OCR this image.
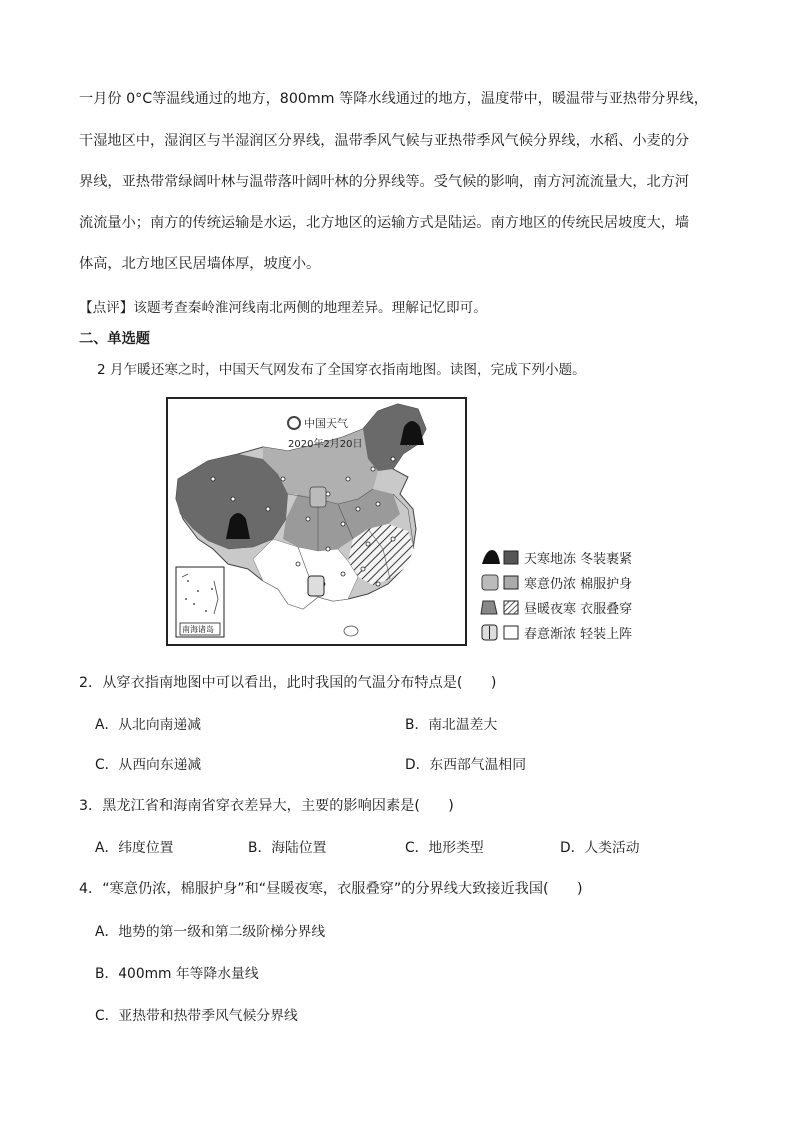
一月份 0°C等温线通过的地方，800mm 等降水线通过的地方，温度带中，暖温带与亚热带分界线，
干湿地区中，湿润区与半湿润区分界线，温带季风气候与亚热带季风气候分界线，水稻、小麦的分
界线，亚热带常绿阔叶林与温带落叶阔叶林的分界线等。受气候的影响，南方河流流量大，北方河
流流量小；南方的传统运输是水运，北方地区的运输方式是陆运。南方地区的传统民居坡度大，墙
体高，北方地区民居墙体厚，坡度小。
【点评】该题考查秦岭淮河线南北两侧的地理差异。理解记忆即可。
二、单选题
2 月乍暖还寒之时，中国天气网发布了全国穿衣指南地图。读图，完成下列小题。
中国天气
2020年2月20日
南海诸岛
天寒地冻 冬装裹紧
寒意仍浓 棉服护身
昼暖夜寒 衣服叠穿
春意渐浓 轻装上阵
2．从穿衣指南地图中可以看出，此时我国的气温分布特点是(　　)
A．从北向南递减	B．南北温差大
C．从西向东递减	D．东西部气温相同
3．黑龙江省和海南省穿衣差异大，主要的影响因素是(　　)
A．纬度位置	B．海陆位置	C．地形类型	D．人类活动
4．“寒意仍浓，棉服护身”和“昼暖夜寒，衣服叠穿”的分界线大致接近我国(　　)
A．地势的第一级和第二级阶梯分界线
B．400mm 年等降水量线
C．亚热带和热带季风气候分界线
